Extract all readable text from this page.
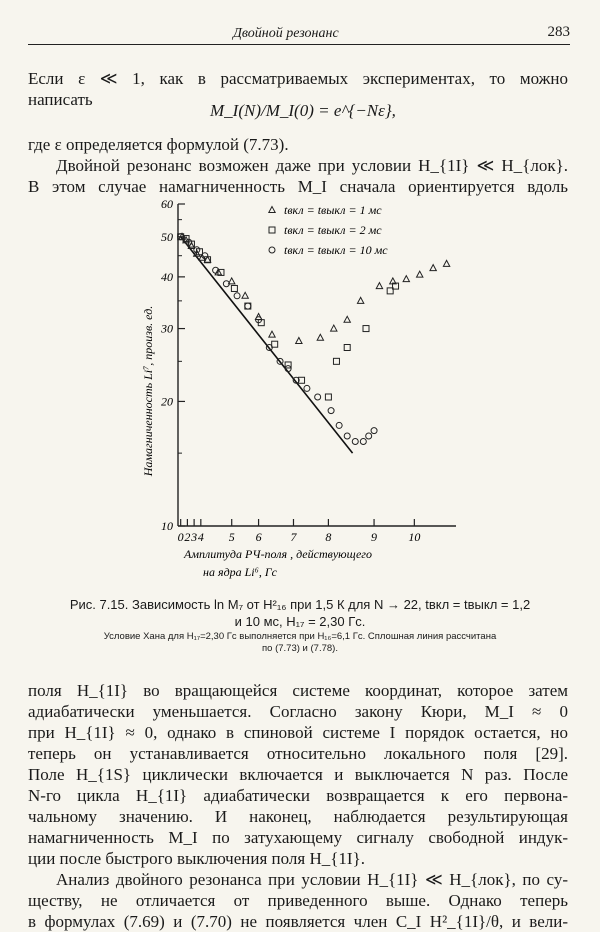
Двойной резонанс	283
Если ε ≪ 1, как в рассматриваемых экспериментах, то можно
написать
M_I(N)/M_I(0) = e^{−Nε},
где ε определяется формулой (7.73).
Двойной резонанс возможен даже при условии H_{1I} ≪ H_{лок}.
В этом случае намагниченность M_I сначала ориентируется вдоль
60
50
40
30
20
10
0 2 3 4 5 6 7 8	9	10
tвкл = tвыкл = 1 мс
tвкл = tвыкл = 2 мс
tвкл = tвыкл = 10 мс
Намагниченность Li⁷, произв. ед.
Амплитуда РЧ-поля , действующего
на ядра Li⁶, Гс
Рис. 7.15. Зависимость ln M₇ от H²₁₆ при 1,5 К для N → 22, tвкл = tвыкл = 1,2
и 10 мс, H₁₇ = 2,30 Гс.
Условие Хана для H₁₇=2,30 Гс выполняется при H₁₆=6,1 Гс. Сплошная линия рассчитана
по (7.73) и (7.78).
поля H_{1I} во вращающейся системе координат, которое затем
адиабатически уменьшается. Согласно закону Кюри, M_I ≈ 0
при H_{1I} ≈ 0, однако в спиновой системе I порядок остается, но
теперь он устанавливается относительно локального поля [29].
Поле H_{1S} циклически включается и выключается N раз. После
N-го цикла H_{1I} адиабатически возвращается к его первона-
чальному значению. И наконец, наблюдается результирующая
намагниченность M_I по затухающему сигналу свободной индук-
ции после быстрого выключения поля H_{1I}.
Анализ двойного резонанса при условии H_{1I} ≪ H_{лок}, по су-
ществу, не отличается от приведенного выше. Однако теперь
в формулах (7.69) и (7.70) не появляется член C_I H²_{1I}/θ, и вели-
